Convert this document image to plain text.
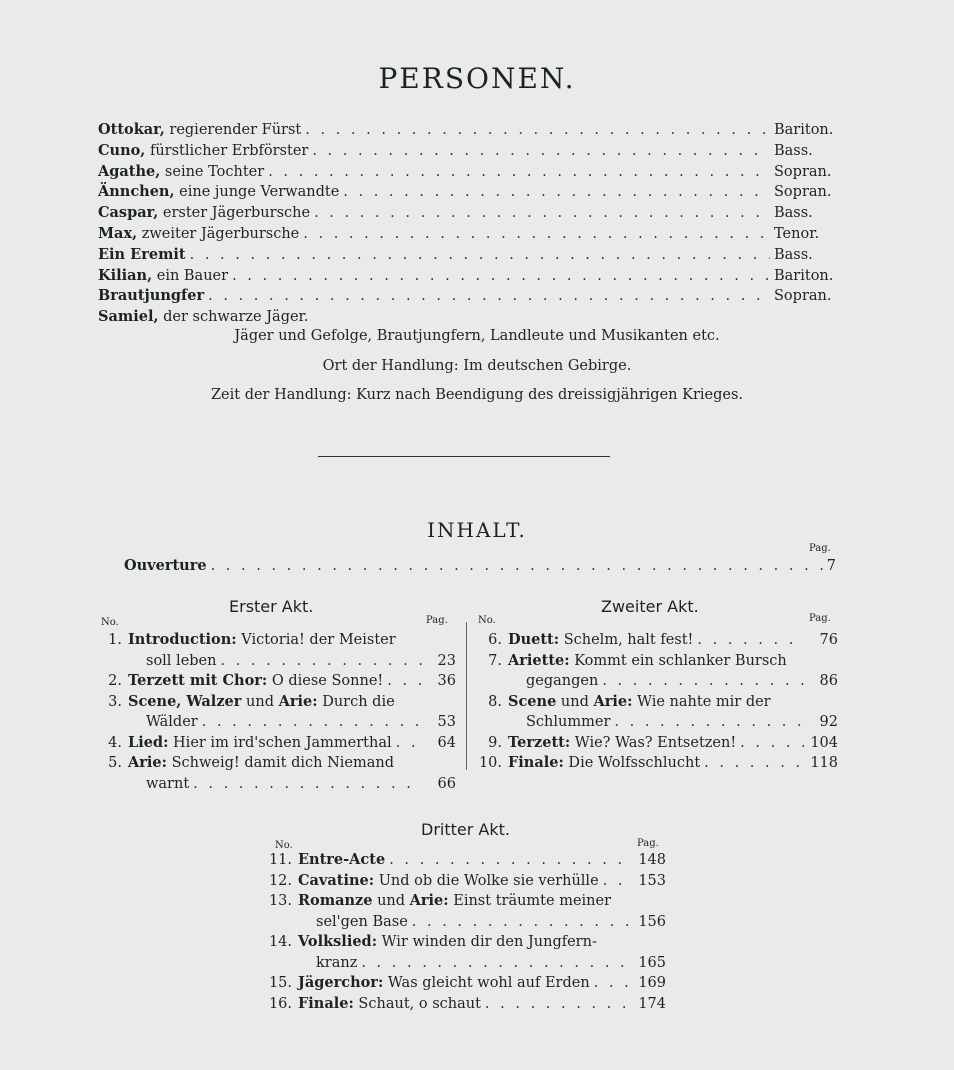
PERSONEN.
Ottokar, regierender Fürst . . .	Bariton.
Cuno, fürstlicher Erbförster . . .	Bass.
Agathe, seine Tochter . . .	Sopran.
Ännchen, eine junge Verwandte . . .	Sopran.
Caspar, erster Jägerbursche . . .	Bass.
Max, zweiter Jägerbursche . . .	Tenor.
Ein Eremit . . .	Bass.
Kilian, ein Bauer . . .	Bariton.
Brautjungfer . . .	Sopran.
Samiel, der schwarze Jäger.
Jäger und Gefolge, Brautjungfern, Landleute und Musikanten etc.
Ort der Handlung: Im deutschen Gebirge.
Zeit der Handlung: Kurz nach Beendigung des dreissigjährigen Krieges.
INHALT.
Pag.
Ouverture . . .	7
Erster Akt.
No.	Pag.
1. Introduction: Victoria! der Meister
soll leben . . .	23
2. Terzett mit Chor: O diese Sonne! . . .	36
3. Scene, Walzer und Arie: Durch die
Wälder . . .	53
4. Lied: Hier im ird'schen Jammerthal . . .	64
5. Arie: Schweig! damit dich Niemand
warnt . . .	66
Zweiter Akt.
No.	Pag.
6. Duett: Schelm, halt fest! . . .	76
7. Ariette: Kommt ein schlanker Bursch
gegangen . . .	86
8. Scene und Arie: Wie nahte mir der
Schlummer . . .	92
9. Terzett: Wie? Was? Entsetzen! . . .	104
10. Finale: Die Wolfsschlucht . . .	118
Dritter Akt.
No.	Pag.
11. Entre-Acte . . .	148
12. Cavatine: Und ob die Wolke sie verhülle . . .	153
13. Romanze und Arie: Einst träumte meiner
sel'gen Base . . .	156
14. Volkslied: Wir winden dir den Jungfern-
kranz . . .	165
15. Jägerchor: Was gleicht wohl auf Erden . . .	169
16. Finale: Schaut, o schaut . . .	174
